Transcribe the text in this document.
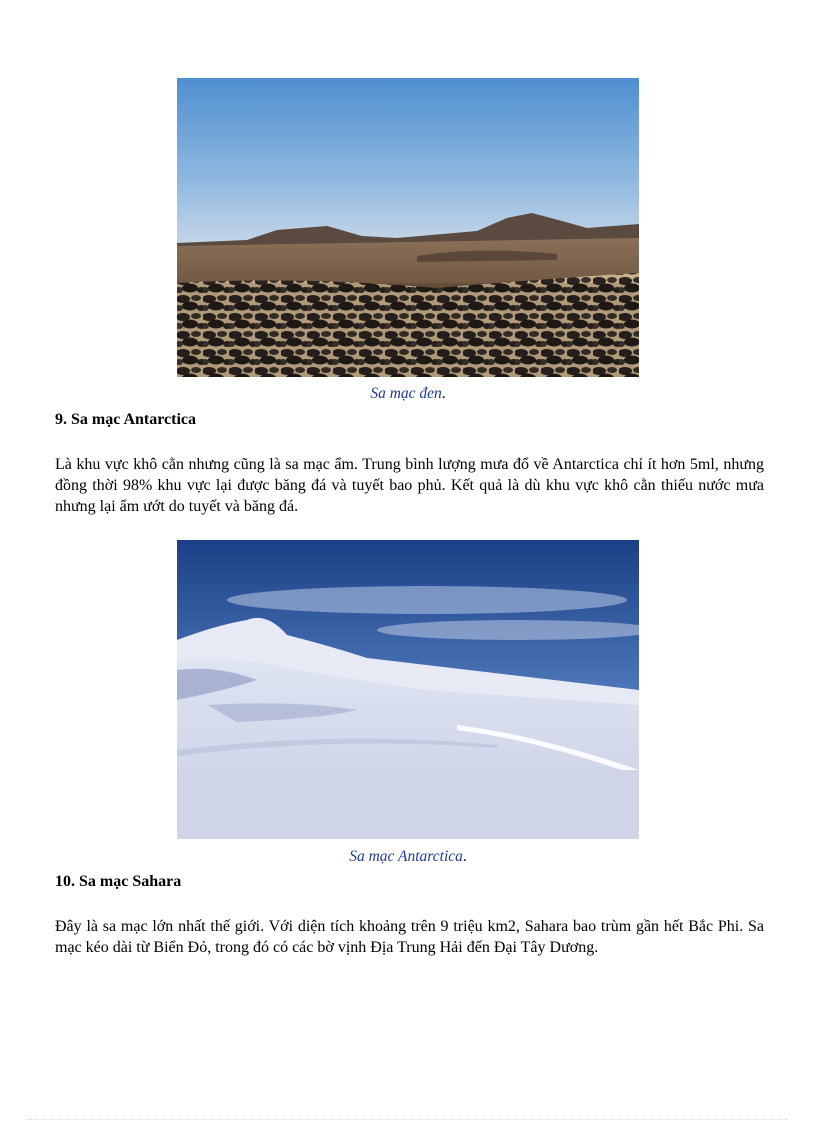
Sa mạc đen.
9. Sa mạc Antarctica
Là khu vực khô cằn nhưng cũng là sa mạc ẩm. Trung bình lượng mưa đổ về Antarctica chỉ ít hơn 5ml, nhưng đồng thời 98% khu vực lại được băng đá và tuyết bao phủ. Kết quả là dù khu vực khô cằn thiếu nước mưa nhưng lại ẩm ướt do tuyết và băng đá.
Sa mạc Antarctica.
10. Sa mạc Sahara
Đây là sa mạc lớn nhất thế giới. Với diện tích khoảng trên 9 triệu km2, Sahara bao trùm gần hết Bắc Phi. Sa mạc kéo dài từ Biển Đỏ, trong đó có các bờ vịnh Địa Trung Hải đến Đại Tây Dương.
